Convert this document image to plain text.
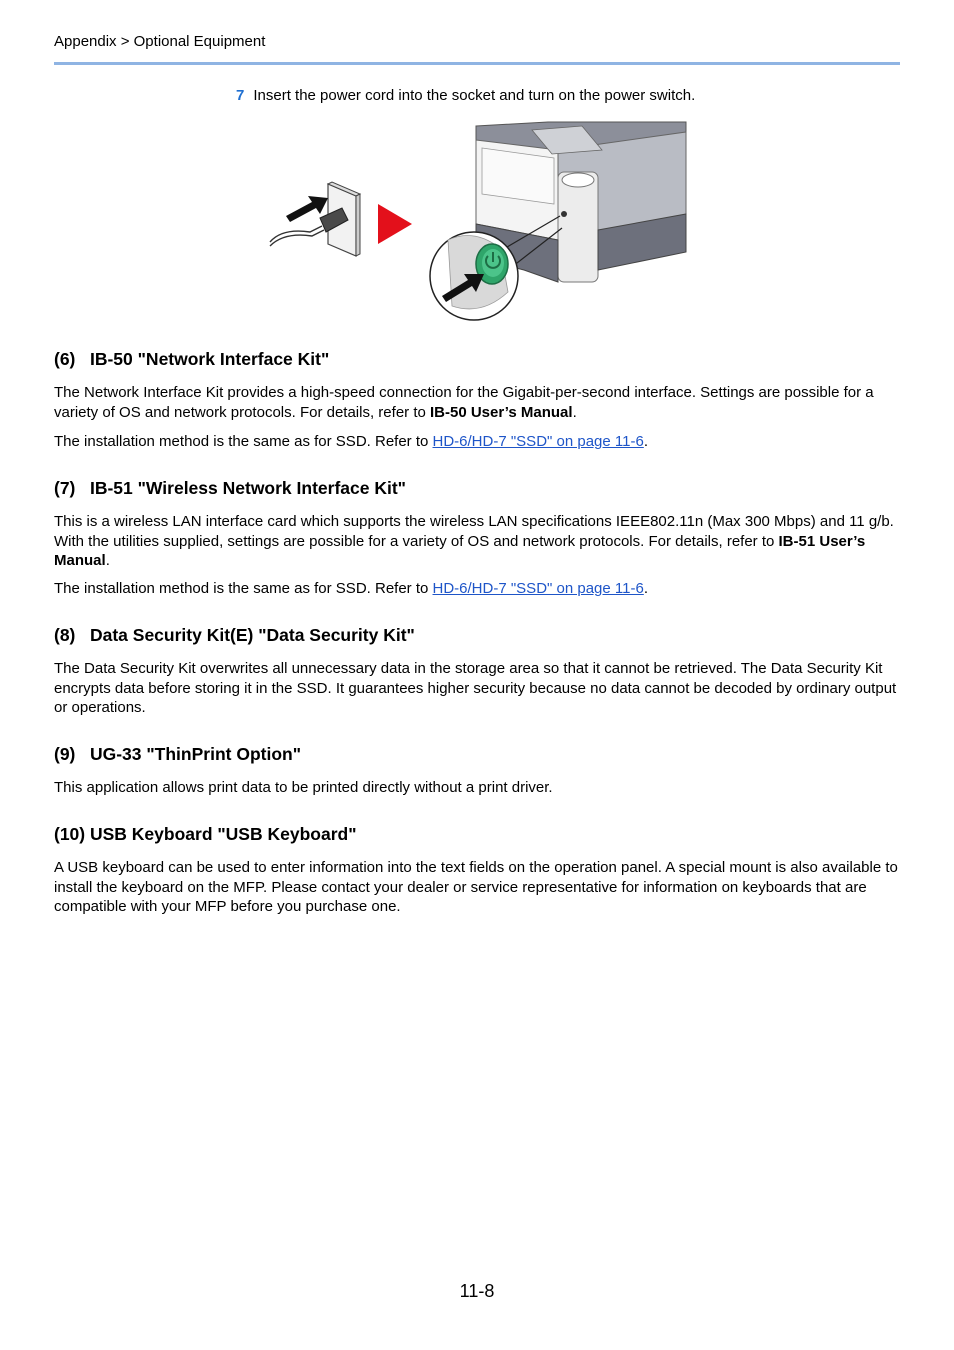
Appendix > Optional Equipment
7 Insert the power cord into the socket and turn on the power switch.
(6)   IB-50 "Network Interface Kit"

The Network Interface Kit provides a high-speed connection for the Gigabit-per-second interface. Settings are possible for a variety of OS and network protocols. For details, refer to IB-50 User’s Manual.

The installation method is the same as for SSD. Refer to HD-6/HD-7 "SSD" on page 11-6.

(7)   IB-51 "Wireless Network Interface Kit"

This is a wireless LAN interface card which supports the wireless LAN specifications IEEE802.11n (Max 300 Mbps) and 11 g/b. With the utilities supplied, settings are possible for a variety of OS and network protocols. For details, refer to IB-51 User’s Manual.

The installation method is the same as for SSD. Refer to HD-6/HD-7 "SSD" on page 11-6.

(8)   Data Security Kit(E) "Data Security Kit"

The Data Security Kit overwrites all unnecessary data in the storage area so that it cannot be retrieved. The Data Security Kit encrypts data before storing it in the SSD. It guarantees higher security because no data cannot be decoded by ordinary output or operations.

(9)   UG-33 "ThinPrint Option"

This application allows print data to be printed directly without a print driver.

(10) USB Keyboard "USB Keyboard"

A USB keyboard can be used to enter information into the text fields on the operation panel. A special mount is also available to install the keyboard on the MFP. Please contact your dealer or service representative for information on keyboards that are compatible with your MFP before you purchase one.

11-8
